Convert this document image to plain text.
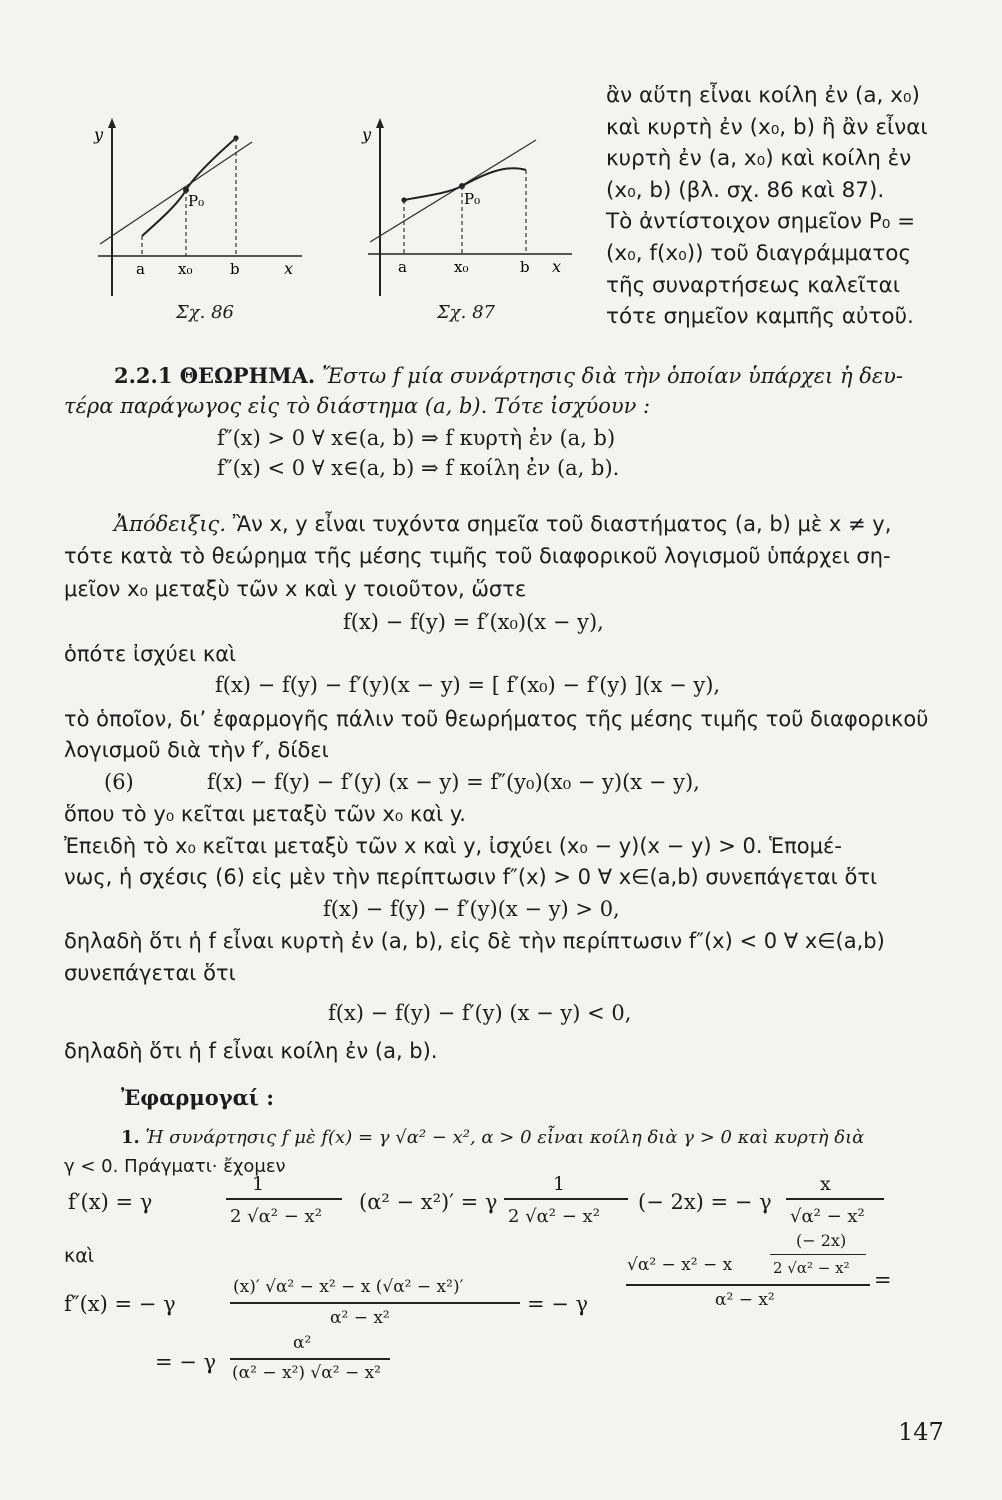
y
P₀
a x₀	b	x
Σχ. 86
y
P₀
a	x₀	b x
Σχ. 87
ἂν αὕτη εἶναι κοίλη ἐν (a, x₀)
καὶ κυρτὴ ἐν (x₀, b) ἢ ἂν εἶναι
κυρτὴ ἐν (a, x₀) καὶ κοίλη ἐν
(x₀, b) (βλ. σχ. 86 καὶ 87).
Τὸ ἀντίστοιχον σημεῖον P₀ =
(x₀, f(x₀)) τοῦ διαγράμματος
τῆς συναρτήσεως καλεῖται
τότε σημεῖον καμπῆς αὐτοῦ.
2.2.1 ΘΕΩΡΗΜΑ. Ἔστω f μία συνάρτησις διὰ τὴν ὁποίαν ὑπάρχει ἡ δευ-
τέρα παράγωγος εἰς τὸ διάστημα (a, b). Τότε ἰσχύουν :
f″(x) > 0 ∀ x∈(a, b) ⇒ f κυρτὴ ἐν (a, b)
f″(x) < 0 ∀ x∈(a, b) ⇒ f κοίλη ἐν (a, b).
Ἀπόδειξις. Ἂν x, y εἶναι τυχόντα σημεῖα τοῦ διαστήματος (a, b) μὲ x ≠ y,
τότε κατὰ τὸ θεώρημα τῆς μέσης τιμῆς τοῦ διαφορικοῦ λογισμοῦ ὑπάρχει ση-
μεῖον x₀ μεταξὺ τῶν x καὶ y τοιοῦτον, ὥστε
f(x) − f(y) = f′(x₀)(x − y),
ὁπότε ἰσχύει καὶ
f(x) − f(y) − f′(y)(x − y) = [ f′(x₀) − f′(y) ](x − y),
τὸ ὁποῖον, δι’ ἐφαρμογῆς πάλιν τοῦ θεωρήματος τῆς μέσης τιμῆς τοῦ διαφορικοῦ
λογισμοῦ διὰ τὴν f′, δίδει
(6)	f(x) − f(y) − f′(y) (x − y) = f″(y₀)(x₀ − y)(x − y),
ὅπου τὸ y₀ κεῖται μεταξὺ τῶν x₀ καὶ y.
Ἐπειδὴ τὸ x₀ κεῖται μεταξὺ τῶν x καὶ y, ἰσχύει (x₀ − y)(x − y) > 0. Ἑπομέ-
νως, ἡ σχέσις (6) εἰς μὲν τὴν περίπτωσιν f″(x) > 0 ∀ x∈(a,b) συνεπάγεται ὅτι
f(x) − f(y) − f′(y)(x − y) > 0,
δηλαδὴ ὅτι ἡ f εἶναι κυρτὴ ἐν (a, b), εἰς δὲ τὴν περίπτωσιν f″(x) < 0 ∀ x∈(a,b)
συνεπάγεται ὅτι
f(x) − f(y) − f′(y) (x − y) < 0,
δηλαδὴ ὅτι ἡ f εἶναι κοίλη ἐν (a, b).
Ἐφαρμογαί :
1. Ἡ συνάρτησις f μὲ f(x) = γ √α² − x², α > 0 εἶναι κοίλη διὰ γ > 0 καὶ κυρτὴ διὰ
γ < 0. Πράγματι· ἔχομεν
f′(x) = γ
1
2 √α² − x²
(α² − x²)′ = γ
1
2 √α² − x²
(− 2x) = − γ
x
√α² − x²
καὶ
f″(x) = − γ
(x)′ √α² − x² − x (√α² − x²)′
α² − x²
= − γ
√α² − x² − x
(− 2x)
2 √α² − x²
α² − x²
=
= − γ
α²
(α² − x²) √α² − x²
147
